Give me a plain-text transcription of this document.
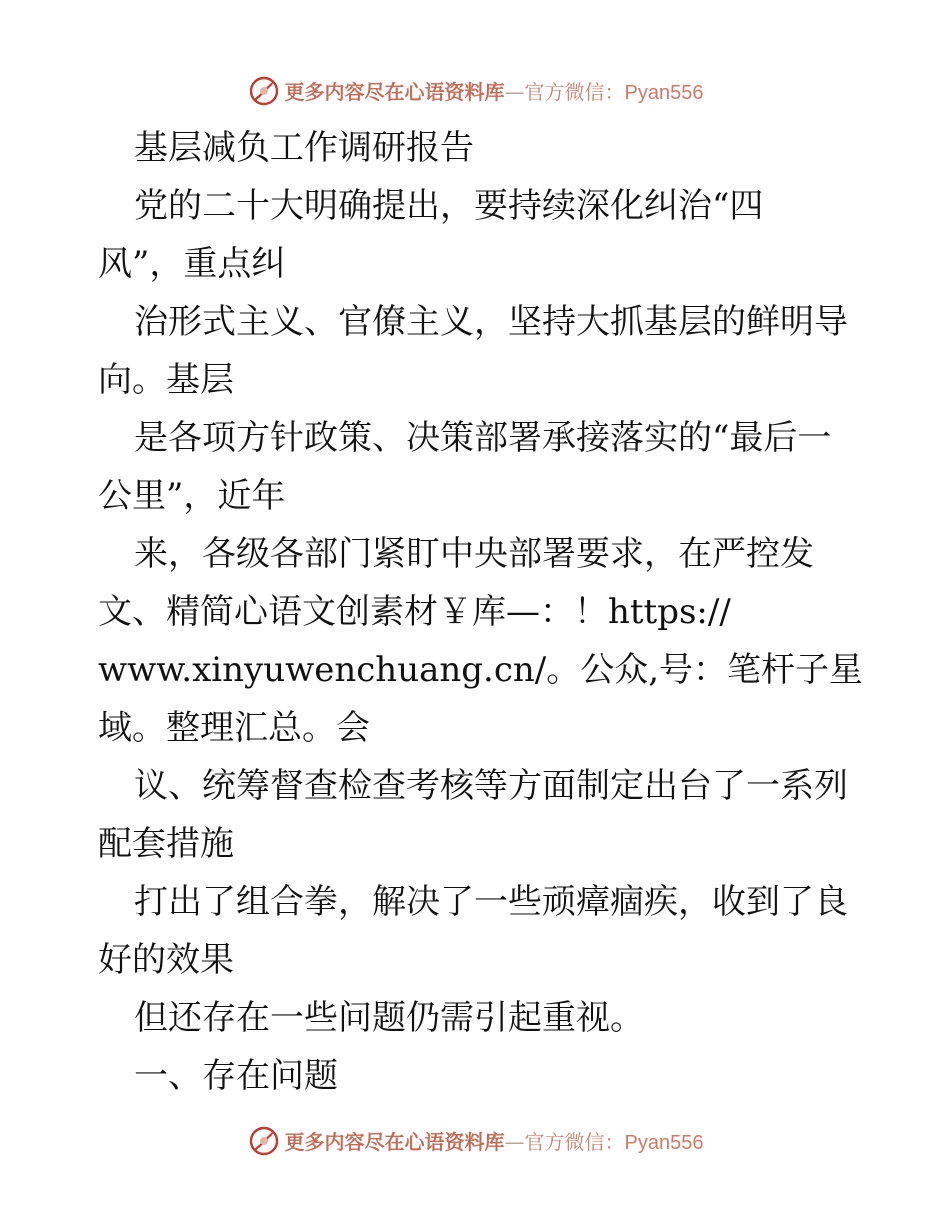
更多内容尽在心语资料库—官方微信：Pyan556
基层减负工作调研报告
党的二十大明确提出，要持续深化纠治“四
风”，重点纠
治形式主义、官僚主义，坚持大抓基层的鲜明导
向。基层
是各项方针政策、决策部署承接落实的“最后一
公里”，近年
来，各级各部门紧盯中央部署要求，在严控发
文、精简心语文创素材￥库—：！https://
www.xinyuwenchuang.cn/。公众,号：笔杆子星
域。整理汇总。会
议、统筹督查检查考核等方面制定出台了一系列
配套措施
打出了组合拳，解决了一些顽瘴痼疾，收到了良
好的效果
但还存在一些问题仍需引起重视。
一、存在问题
更多内容尽在心语资料库—官方微信：Pyan556
